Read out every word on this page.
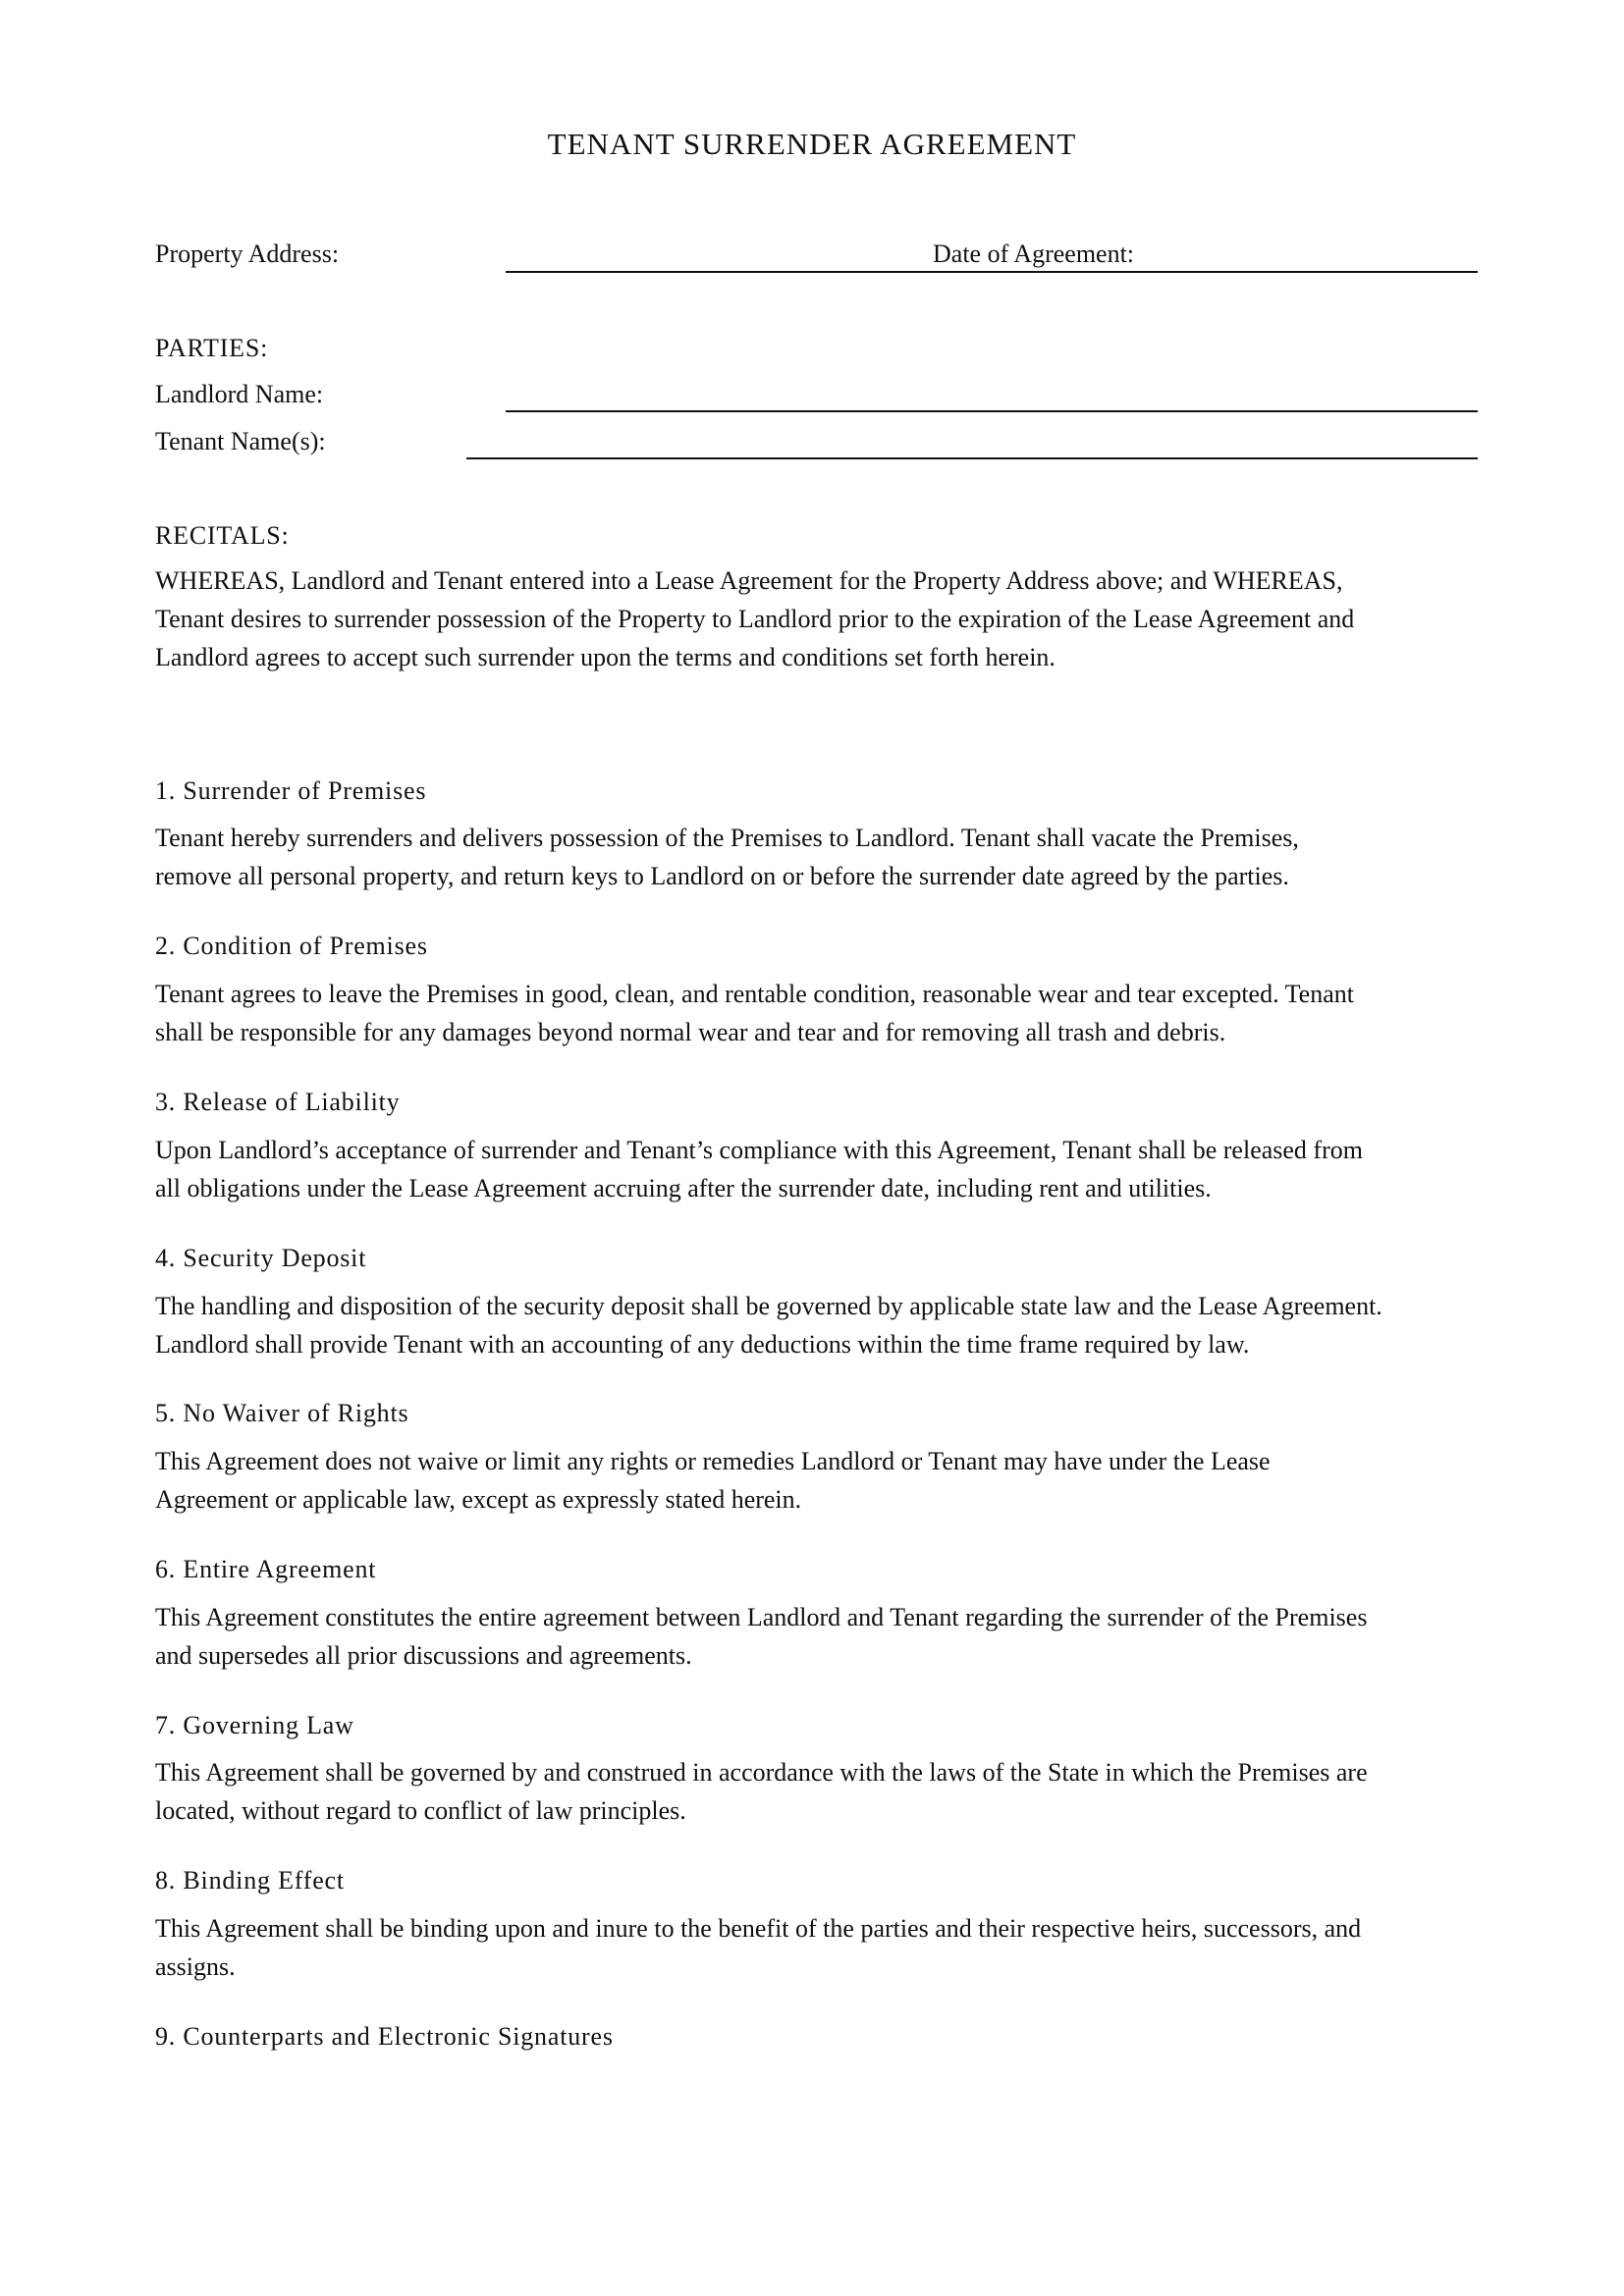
TENANT SURRENDER AGREEMENT
Property Address:	Date of Agreement:
PARTIES:
Landlord Name:
Tenant Name(s):
RECITALS:
WHEREAS, Landlord and Tenant entered into a Lease Agreement for the Property Address above; and WHEREAS,
Tenant desires to surrender possession of the Property to Landlord prior to the expiration of the Lease Agreement and
Landlord agrees to accept such surrender upon the terms and conditions set forth herein.
1. Surrender of Premises
Tenant hereby surrenders and delivers possession of the Premises to Landlord. Tenant shall vacate the Premises,
remove all personal property, and return keys to Landlord on or before the surrender date agreed by the parties.
2. Condition of Premises
Tenant agrees to leave the Premises in good, clean, and rentable condition, reasonable wear and tear excepted. Tenant
shall be responsible for any damages beyond normal wear and tear and for removing all trash and debris.
3. Release of Liability
Upon Landlord’s acceptance of surrender and Tenant’s compliance with this Agreement, Tenant shall be released from
all obligations under the Lease Agreement accruing after the surrender date, including rent and utilities.
4. Security Deposit
The handling and disposition of the security deposit shall be governed by applicable state law and the Lease Agreement.
Landlord shall provide Tenant with an accounting of any deductions within the time frame required by law.
5. No Waiver of Rights
This Agreement does not waive or limit any rights or remedies Landlord or Tenant may have under the Lease
Agreement or applicable law, except as expressly stated herein.
6. Entire Agreement
This Agreement constitutes the entire agreement between Landlord and Tenant regarding the surrender of the Premises
and supersedes all prior discussions and agreements.
7. Governing Law
This Agreement shall be governed by and construed in accordance with the laws of the State in which the Premises are
located, without regard to conflict of law principles.
8. Binding Effect
This Agreement shall be binding upon and inure to the benefit of the parties and their respective heirs, successors, and
assigns.
9. Counterparts and Electronic Signatures
